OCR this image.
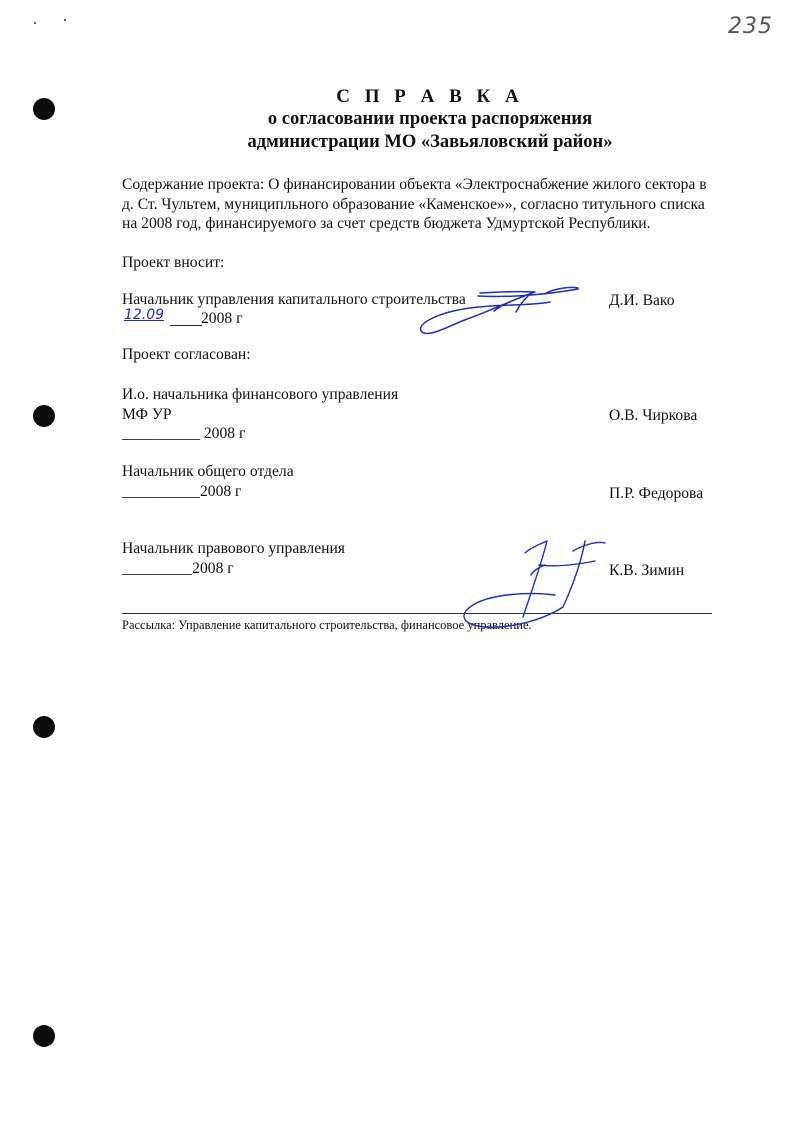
235
С П Р А В К А
о согласовании проекта распоряжения
администрации МО «Завьяловский район»
Содержание проекта: О финансировании объекта «Электроснабжение жилого сектора в
д. Ст. Чультем, муниципльного образование «Каменское»», согласно титульного списка
на 2008 год, финансируемого за счет средств бюджета Удмуртской Республики.
Проект вносит:
Начальник управления капитального строительства	Д.И. Вако
12.09 2008 г
Проект согласован:
И.о. начальника финансового управления
МФ УР	О.В. Чиркова
__________ 2008 г
Начальник общего отдела
__________2008 г	П.Р. Федорова
Начальник правового управления
_________2008 г	К.В. Зимин
Рассылка: Управление капитального строительства, финансовое управление.
